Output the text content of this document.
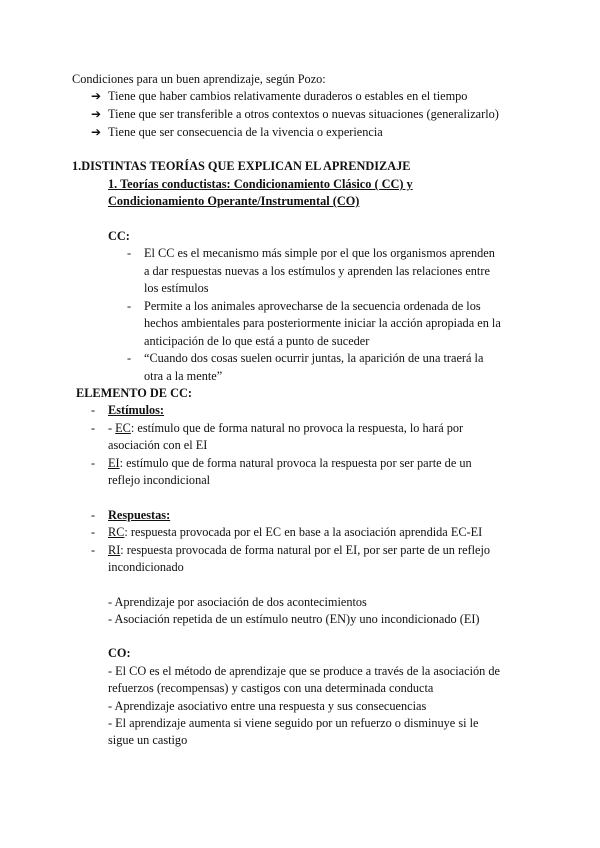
Condiciones para un buen aprendizaje, según Pozo:
➔ Tiene que haber cambios relativamente duraderos o estables en el tiempo
➔ Tiene que ser transferible a otros contextos o nuevas situaciones (generalizarlo)
➔ Tiene que ser consecuencia de la vivencia o experiencia
1.DISTINTAS TEORÍAS QUE EXPLICAN EL APRENDIZAJE
1. Teorías conductistas: Condicionamiento Clásico ( CC) y
Condicionamiento Operante/Instrumental (CO)
CC:
- El CC es el mecanismo más simple por el que los organismos aprenden
a dar respuestas nuevas a los estímulos y aprenden las relaciones entre
los estímulos
- Permite a los animales aprovecharse de la secuencia ordenada de los
hechos ambientales para posteriormente iniciar la acción apropiada en la
anticipación de lo que está a punto de suceder
- “Cuando dos cosas suelen ocurrir juntas, la aparición de una traerá la
otra a la mente”
ELEMENTO DE CC:
- Estímulos:
- - EC: estímulo que de forma natural no provoca la respuesta, lo hará por
asociación con el EI
- EI: estímulo que de forma natural provoca la respuesta por ser parte de un
reflejo incondicional
- Respuestas:
- RC: respuesta provocada por el EC en base a la asociación aprendida EC-EI
- RI: respuesta provocada de forma natural por el EI, por ser parte de un reflejo
incondicionado
- Aprendizaje por asociación de dos acontecimientos
- Asociación repetida de un estímulo neutro (EN)y uno incondicionado (EI)
CO:
- El CO es el método de aprendizaje que se produce a través de la asociación de
refuerzos (recompensas) y castigos con una determinada conducta
- Aprendizaje asociativo entre una respuesta y sus consecuencias
- El aprendizaje aumenta si viene seguido por un refuerzo o disminuye si le
sigue un castigo
